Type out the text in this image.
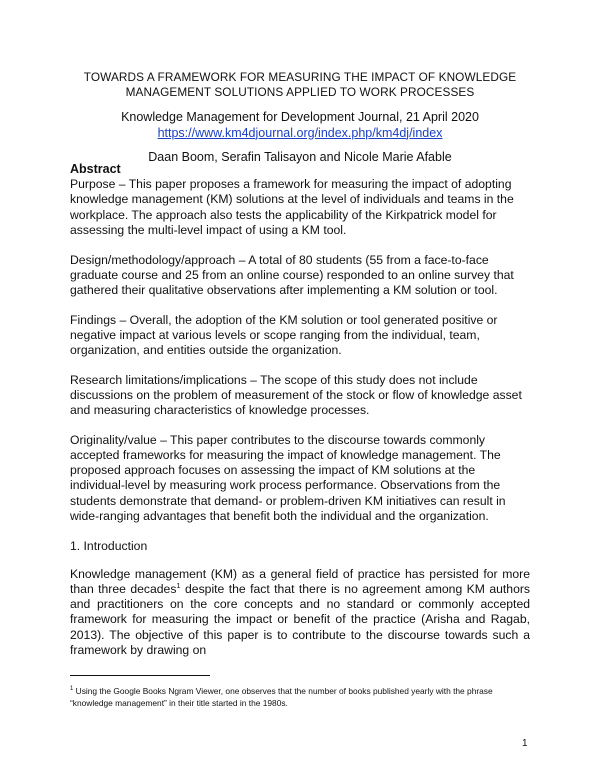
TOWARDS A FRAMEWORK FOR MEASURING THE IMPACT OF KNOWLEDGE
MANAGEMENT SOLUTIONS APPLIED TO WORK PROCESSES
Knowledge Management for Development Journal, 21 April 2020
https://www.km4djournal.org/index.php/km4dj/index
Daan Boom, Serafin Talisayon and Nicole Marie Afable
Abstract

Purpose – This paper proposes a framework for measuring the impact of adopting knowledge management (KM) solutions at the level of individuals and teams in the workplace. The approach also tests the applicability of the Kirkpatrick model for assessing the multi-level impact of using a KM tool.

Design/methodology/approach – A total of 80 students (55 from a face-to-face graduate course and 25 from an online course) responded to an online survey that gathered their qualitative observations after implementing a KM solution or tool.

Findings – Overall, the adoption of the KM solution or tool generated positive or negative impact at various levels or scope ranging from the individual, team, organization, and entities outside the organization.

Research limitations/implications – The scope of this study does not include discussions on the problem of measurement of the stock or flow of knowledge asset and measuring characteristics of knowledge processes.

Originality/value – This paper contributes to the discourse towards commonly accepted frameworks for measuring the impact of knowledge management. The proposed approach focuses on assessing the impact of KM solutions at the individual-level by measuring work process performance. Observations from the students demonstrate that demand- or problem-driven KM initiatives can result in wide-ranging advantages that benefit both the individual and the organization.

1. Introduction

Knowledge management (KM) as a general field of practice has persisted for more than three decades$^1$ despite the fact that there is no agreement among KM authors and practitioners on the core concepts and no standard or commonly accepted framework for measuring the impact or benefit of the practice (Arisha and Ragab, 2013). The objective of this paper is to contribute to the discourse towards such a framework by drawing on

$^1$ Using the Google Books Ngram Viewer, one observes that the number of books published yearly with the phrase “knowledge management” in their title started in the 1980s.
1
